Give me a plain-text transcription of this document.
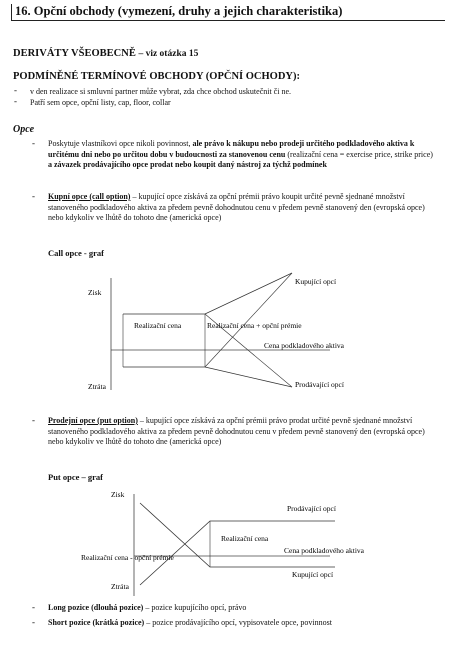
16. Opční obchody (vymezení, druhy a jejich charakteristika)
DERIVÁTY VŠEOBECNĚ – viz otázka 15
PODMÍNĚNÉ TERMÍNOVÉ OBCHODY (OPČNÍ OCHODY):
- v den realizace si smluvní partner může vybrat, zda chce obchod uskutečnit či ne.
- Patří sem opce, opční listy, cap, floor, collar
Opce
- Poskytuje vlastníkovi opce nikoli povinnost, ale právo k nákupu nebo prodeji určitého podkladového aktiva k určitému dni nebo po určitou dobu v budoucnosti za stanovenou cenu (realizační cena = exercise price, strike price) a závazek prodávajícího opce prodat nebo koupit daný nástroj za týchž podmínek
- Kupní opce (call option) – kupující opce získává za opční prémii právo koupit určité pevně sjednané množství stanoveného podkladového aktiva za předem pevně dohodnutou cenu v předem pevně stanovený den (evropská opce) nebo kdykoliv ve lhůtě do tohoto dne (americká opce)
Call opce - graf
Zisk
Ztráta
Kupující opcí
Prodávající opcí
Realizační cena	Realizační cena + opční prémie
Cena podkladového aktiva
- Prodejní opce (put option) – kupující opce získává za opční prémii právo prodat určité pevně sjednané množství stanoveného podkladového aktiva za předem pevně dohodnutou cenu v předem pevně stanovený den (evropská opce) nebo kdykoliv ve lhůtě do tohoto dne (americká opce)
Put opce – graf
Zisk
Ztráta
Prodávající opcí
Kupující opcí
Realizační cena
Realizační cena - opční prémie
Cena podkladového aktiva
- Long pozice (dlouhá pozice) – pozice kupujícího opcí, právo
- Short pozice (krátká pozice) – pozice prodávajícího opcí, vypisovatele opce, povinnost
